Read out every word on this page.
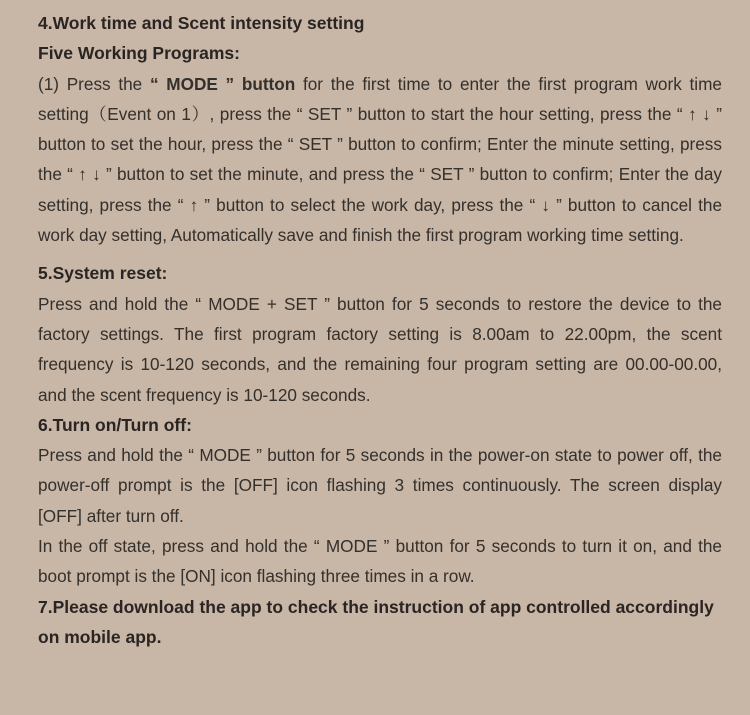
4.Work time and Scent intensity setting
Five Working Programs:
(1) Press the “ MODE ” button for the first time to enter the first program work time setting（Event on 1）, press the “ SET ” button to start the hour setting, press the “ ↑ ↓ ” button to set the hour, press the “ SET ” button to confirm; Enter the minute setting, press the “ ↑ ↓ ” button to set the minute, and press the “ SET ” button to confirm; Enter the day setting, press the “ ↑ ” button to select the work day, press the “ ↓ ” button to cancel the work day setting, Automatically save and finish the first program working time setting.
5.System reset:
Press and hold the “ MODE + SET ” button for 5 seconds to restore the device to the factory settings. The first program factory setting is 8.00am to 22.00pm, the scent frequency is 10-120 seconds, and the remaining four program setting are 00.00-00.00, and the scent frequency is 10-120 seconds.
6.Turn on/Turn off:
Press and hold the “ MODE ” button for 5 seconds in the power-on state to power off, the power-off prompt is the [OFF] icon flashing 3 times continuously. The screen display [OFF] after turn off.
In the off state, press and hold the “ MODE ” button for 5 seconds to turn it on, and the boot prompt is the [ON] icon flashing three times in a row.
7.Please download the app to check the instruction of app controlled accordingly on mobile app.
